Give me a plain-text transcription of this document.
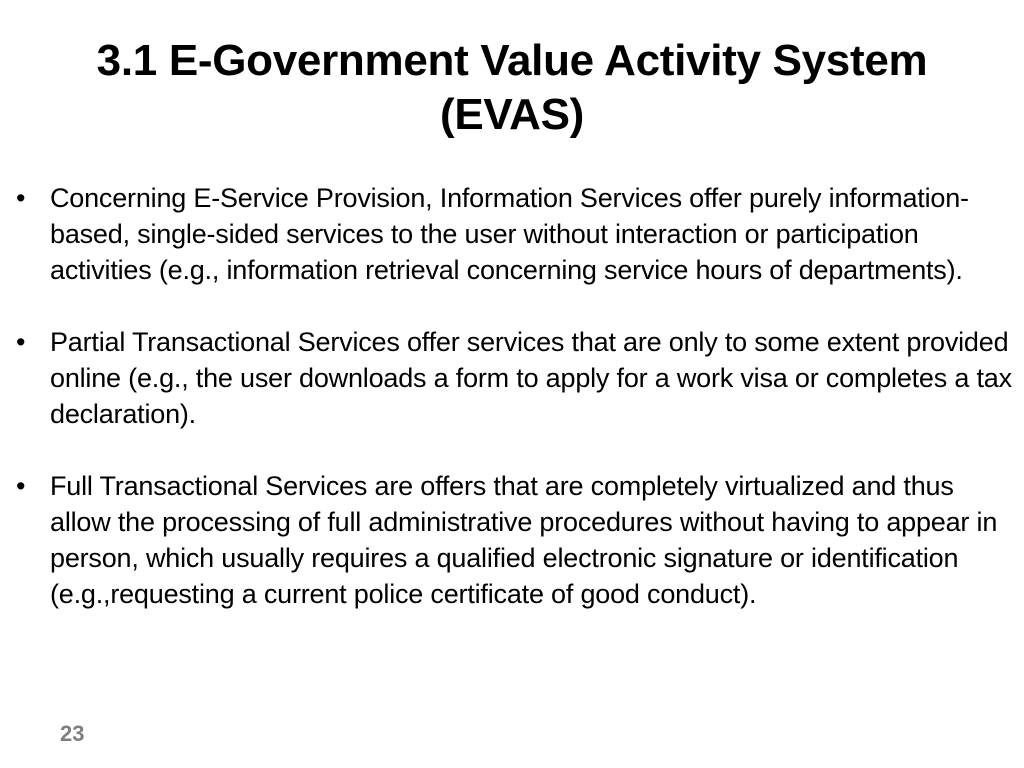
3.1 E-Government Value Activity System (EVAS)
• Concerning E-Service Provision, Information Services offer purely information-based, single-sided services to the user without interaction or participation activities (e.g., information retrieval concerning service hours of departments).
• Partial Transactional Services offer services that are only to some extent provided online (e.g., the user downloads a form to apply for a work visa or completes a tax declaration).
• Full Transactional Services are offers that are completely virtualized and thus allow the processing of full administrative procedures without having to appear in person, which usually requires a qualified electronic signature or identification (e.g.,requesting a current police certificate of good conduct).
23
